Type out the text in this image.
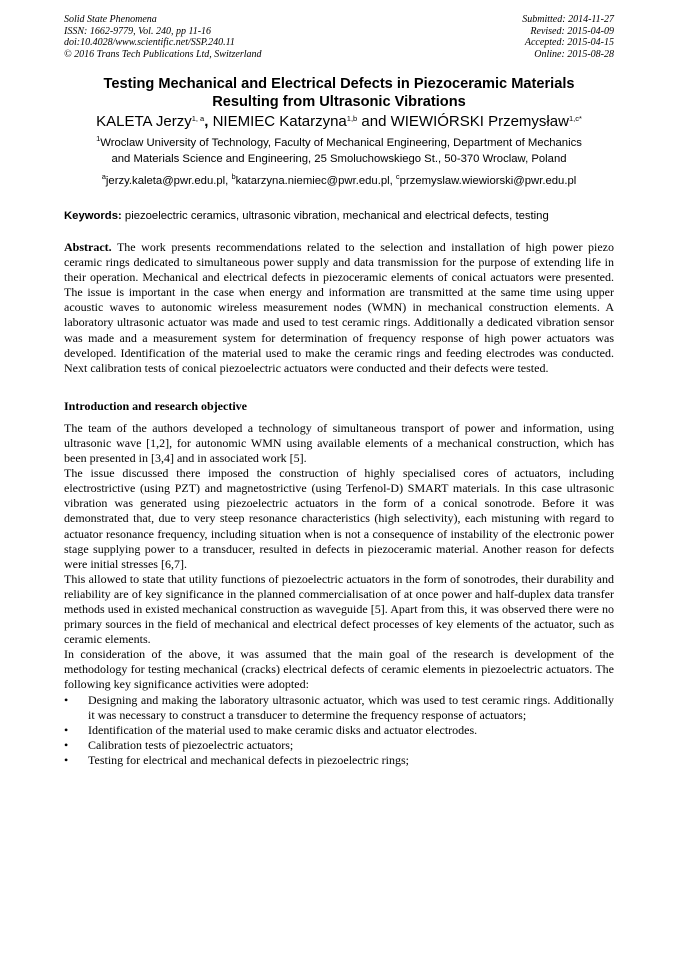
Solid State Phenomena
ISSN: 1662-9779, Vol. 240, pp 11-16
doi:10.4028/www.scientific.net/SSP.240.11
© 2016 Trans Tech Publications Ltd, Switzerland
Submitted: 2014-11-27
Revised: 2015-04-09
Accepted: 2015-04-15
Online: 2015-08-28
Testing Mechanical and Electrical Defects in Piezoceramic Materials
Resulting from Ultrasonic Vibrations
KALETA Jerzy$^{1, a}$, NIEMIEC Katarzyna$^{1,b}$ and WIEWIÓRSKI Przemysław$^{1,c*}$
$^1$Wroclaw University of Technology, Faculty of Mechanical Engineering, Department of Mechanics
and Materials Science and Engineering, 25 Smoluchowskiego St., 50-370 Wroclaw, Poland
$^a$jerzy.kaleta@pwr.edu.pl, $^b$katarzyna.niemiec@pwr.edu.pl, $^c$przemyslaw.wiewiorski@pwr.edu.pl
Keywords: piezoelectric ceramics, ultrasonic vibration, mechanical and electrical defects, testing
Abstract. The work presents recommendations related to the selection and installation of high power piezo ceramic rings dedicated to simultaneous power supply and data transmission for the purpose of extending life in their operation. Mechanical and electrical defects in piezoceramic elements of conical actuators were presented. The issue is important in the case when energy and information are transmitted at the same time using upper acoustic waves to autonomic wireless measurement nodes (WMN) in mechanical construction elements. A laboratory ultrasonic actuator was made and used to test ceramic rings. Additionally a dedicated vibration sensor was made and a measurement system for determination of frequency response of high power actuators was developed. Identification of the material used to make the ceramic rings and feeding electrodes was conducted. Next calibration tests of conical piezoelectric actuators were conducted and their defects were tested.
Introduction and research objective

The team of the authors developed a technology of simultaneous transport of power and information, using ultrasonic wave [1,2], for autonomic WMN using available elements of a mechanical construction, which has been presented in [3,4] and in associated work [5].

The issue discussed there imposed the construction of highly specialised cores of actuators, including electrostrictive (using PZT) and magnetostrictive (using Terfenol-D) SMART materials. In this case ultrasonic vibration was generated using piezoelectric actuators in the form of a conical sonotrode. Before it was demonstrated that, due to very steep resonance characteristics (high selectivity), each mistuning with regard to actuator resonance frequency, including situation when is not a consequence of instability of the electronic power stage supplying power to a transducer, resulted in defects in piezoceramic material. Another reason for defects were initial stresses [6,7].

This allowed to state that utility functions of piezoelectric actuators in the form of sonotrodes, their durability and reliability are of key significance in the planned commercialisation of at once power and half-duplex data transfer methods used in existed mechanical construction as waveguide [5]. Apart from this, it was observed there were no primary sources in the field of mechanical and electrical defect processes of key elements of the actuator, such as ceramic elements.

In consideration of the above, it was assumed that the main goal of the research is development of the methodology for testing mechanical (cracks) electrical defects of ceramic elements in piezoelectric actuators. The following key significance activities were adopted:

•	Designing and making the laboratory ultrasonic actuator, which was used to test ceramic rings. Additionally it was necessary to construct a transducer to determine the frequency response of actuators;
•	Identification of the material used to make ceramic disks and actuator electrodes.
•	Calibration tests of piezoelectric actuators;
•	Testing for electrical and mechanical defects in piezoelectric rings;
